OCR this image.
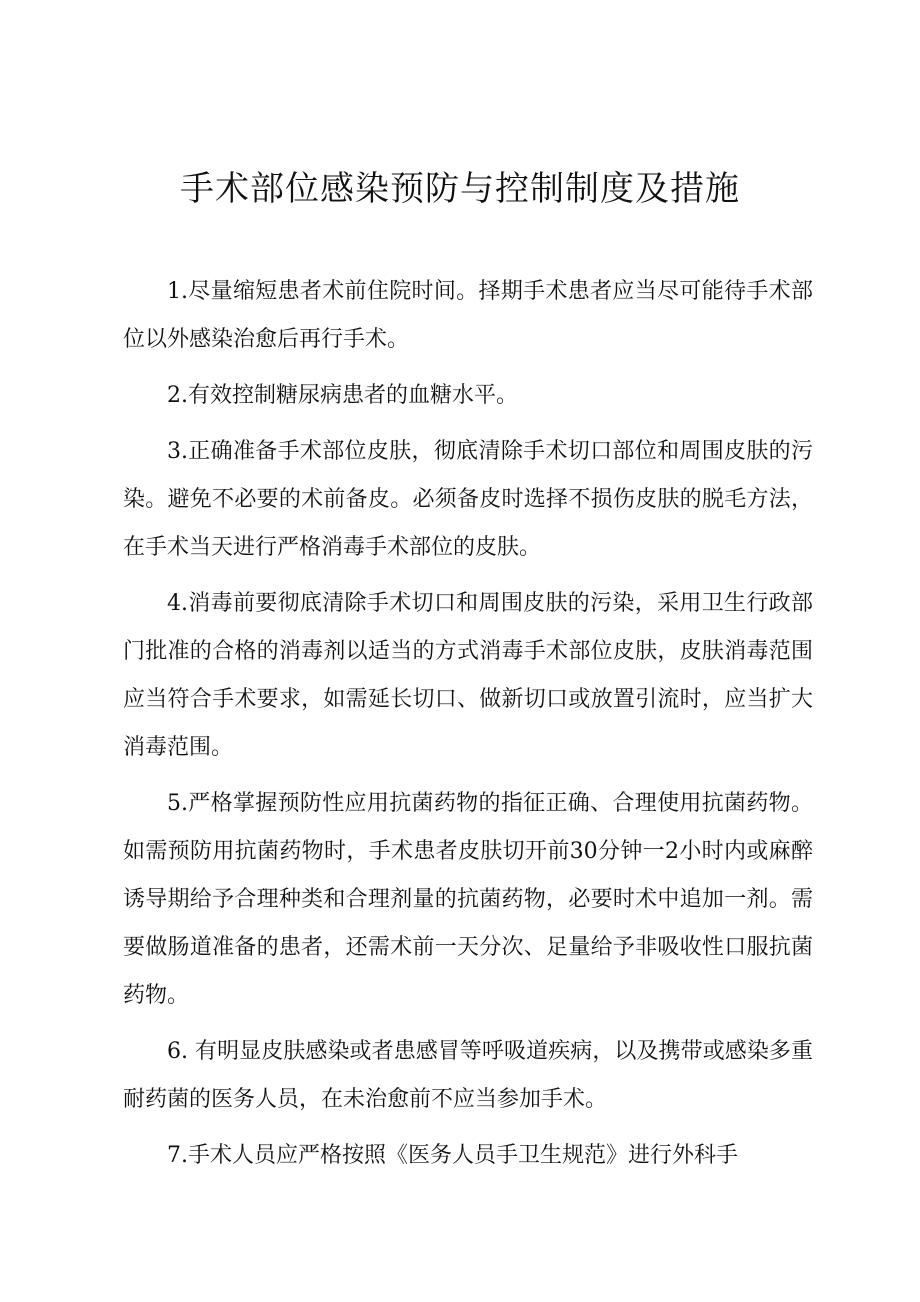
手术部位感染预防与控制制度及措施

1.尽量缩短患者术前住院时间。择期手术患者应当尽可能待手术部位以外感染治愈后再行手术。

2.有效控制糖尿病患者的血糖水平。

3.正确准备手术部位皮肤，彻底清除手术切口部位和周围皮肤的污染。避免不必要的术前备皮。必须备皮时选择不损伤皮肤的脱毛方法，在手术当天进行严格消毒手术部位的皮肤。

4.消毒前要彻底清除手术切口和周围皮肤的污染，采用卫生行政部门批准的合格的消毒剂以适当的方式消毒手术部位皮肤，皮肤消毒范围应当符合手术要求，如需延长切口、做新切口或放置引流时，应当扩大消毒范围。

5.严格掌握预防性应用抗菌药物的指征正确、合理使用抗菌药物。如需预防用抗菌药物时，手术患者皮肤切开前30分钟一2小时内或麻醉诱导期给予合理种类和合理剂量的抗菌药物，必要时术中追加一剂。需要做肠道准备的患者，还需术前一天分次、足量给予非吸收性口服抗菌药物。

6. 有明显皮肤感染或者患感冒等呼吸道疾病，以及携带或感染多重耐药菌的医务人员，在未治愈前不应当参加手术。

7.手术人员应严格按照《医务人员手卫生规范》进行外科手
